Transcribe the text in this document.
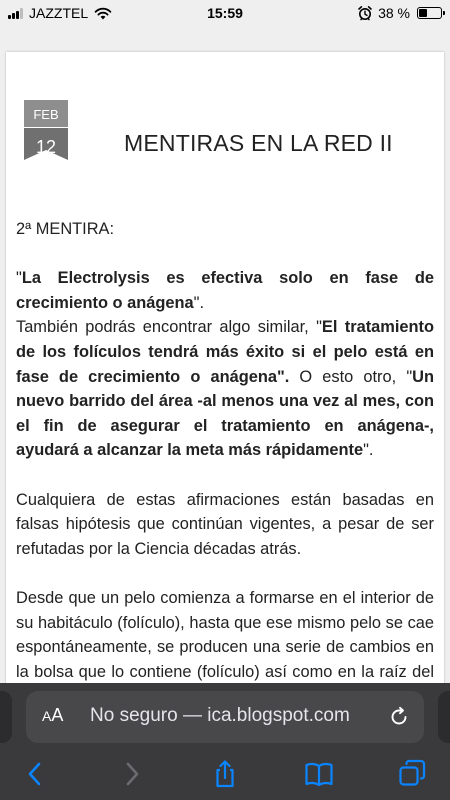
JAZZTEL	15:59	38 %
FEB
12	MENTIRAS EN LA RED II

2ª MENTIRA:

"La Electrolysis es efectiva solo en fase de crecimiento o anágena".
También podrás encontrar algo similar, "El tratamiento de los folículos tendrá más éxito si el pelo está en fase de crecimiento o anágena". O esto otro, "Un nuevo barrido del área -al menos una vez al mes, con el fin de asegurar el tratamiento en anágena-, ayudará a alcanzar la meta más rápidamente".

Cualquiera de estas afirmaciones están basadas en falsas hipótesis que continúan vigentes, a pesar de ser refutadas por la Ciencia décadas atrás.

Desde que un pelo comienza a formarse en el interior de su habitáculo (folículo), hasta que ese mismo pelo se cae espontáneamente, se producen una serie de cambios en la bolsa que lo contiene (folículo) así como en la raíz del

AA No seguro — ica.blogspot.com
